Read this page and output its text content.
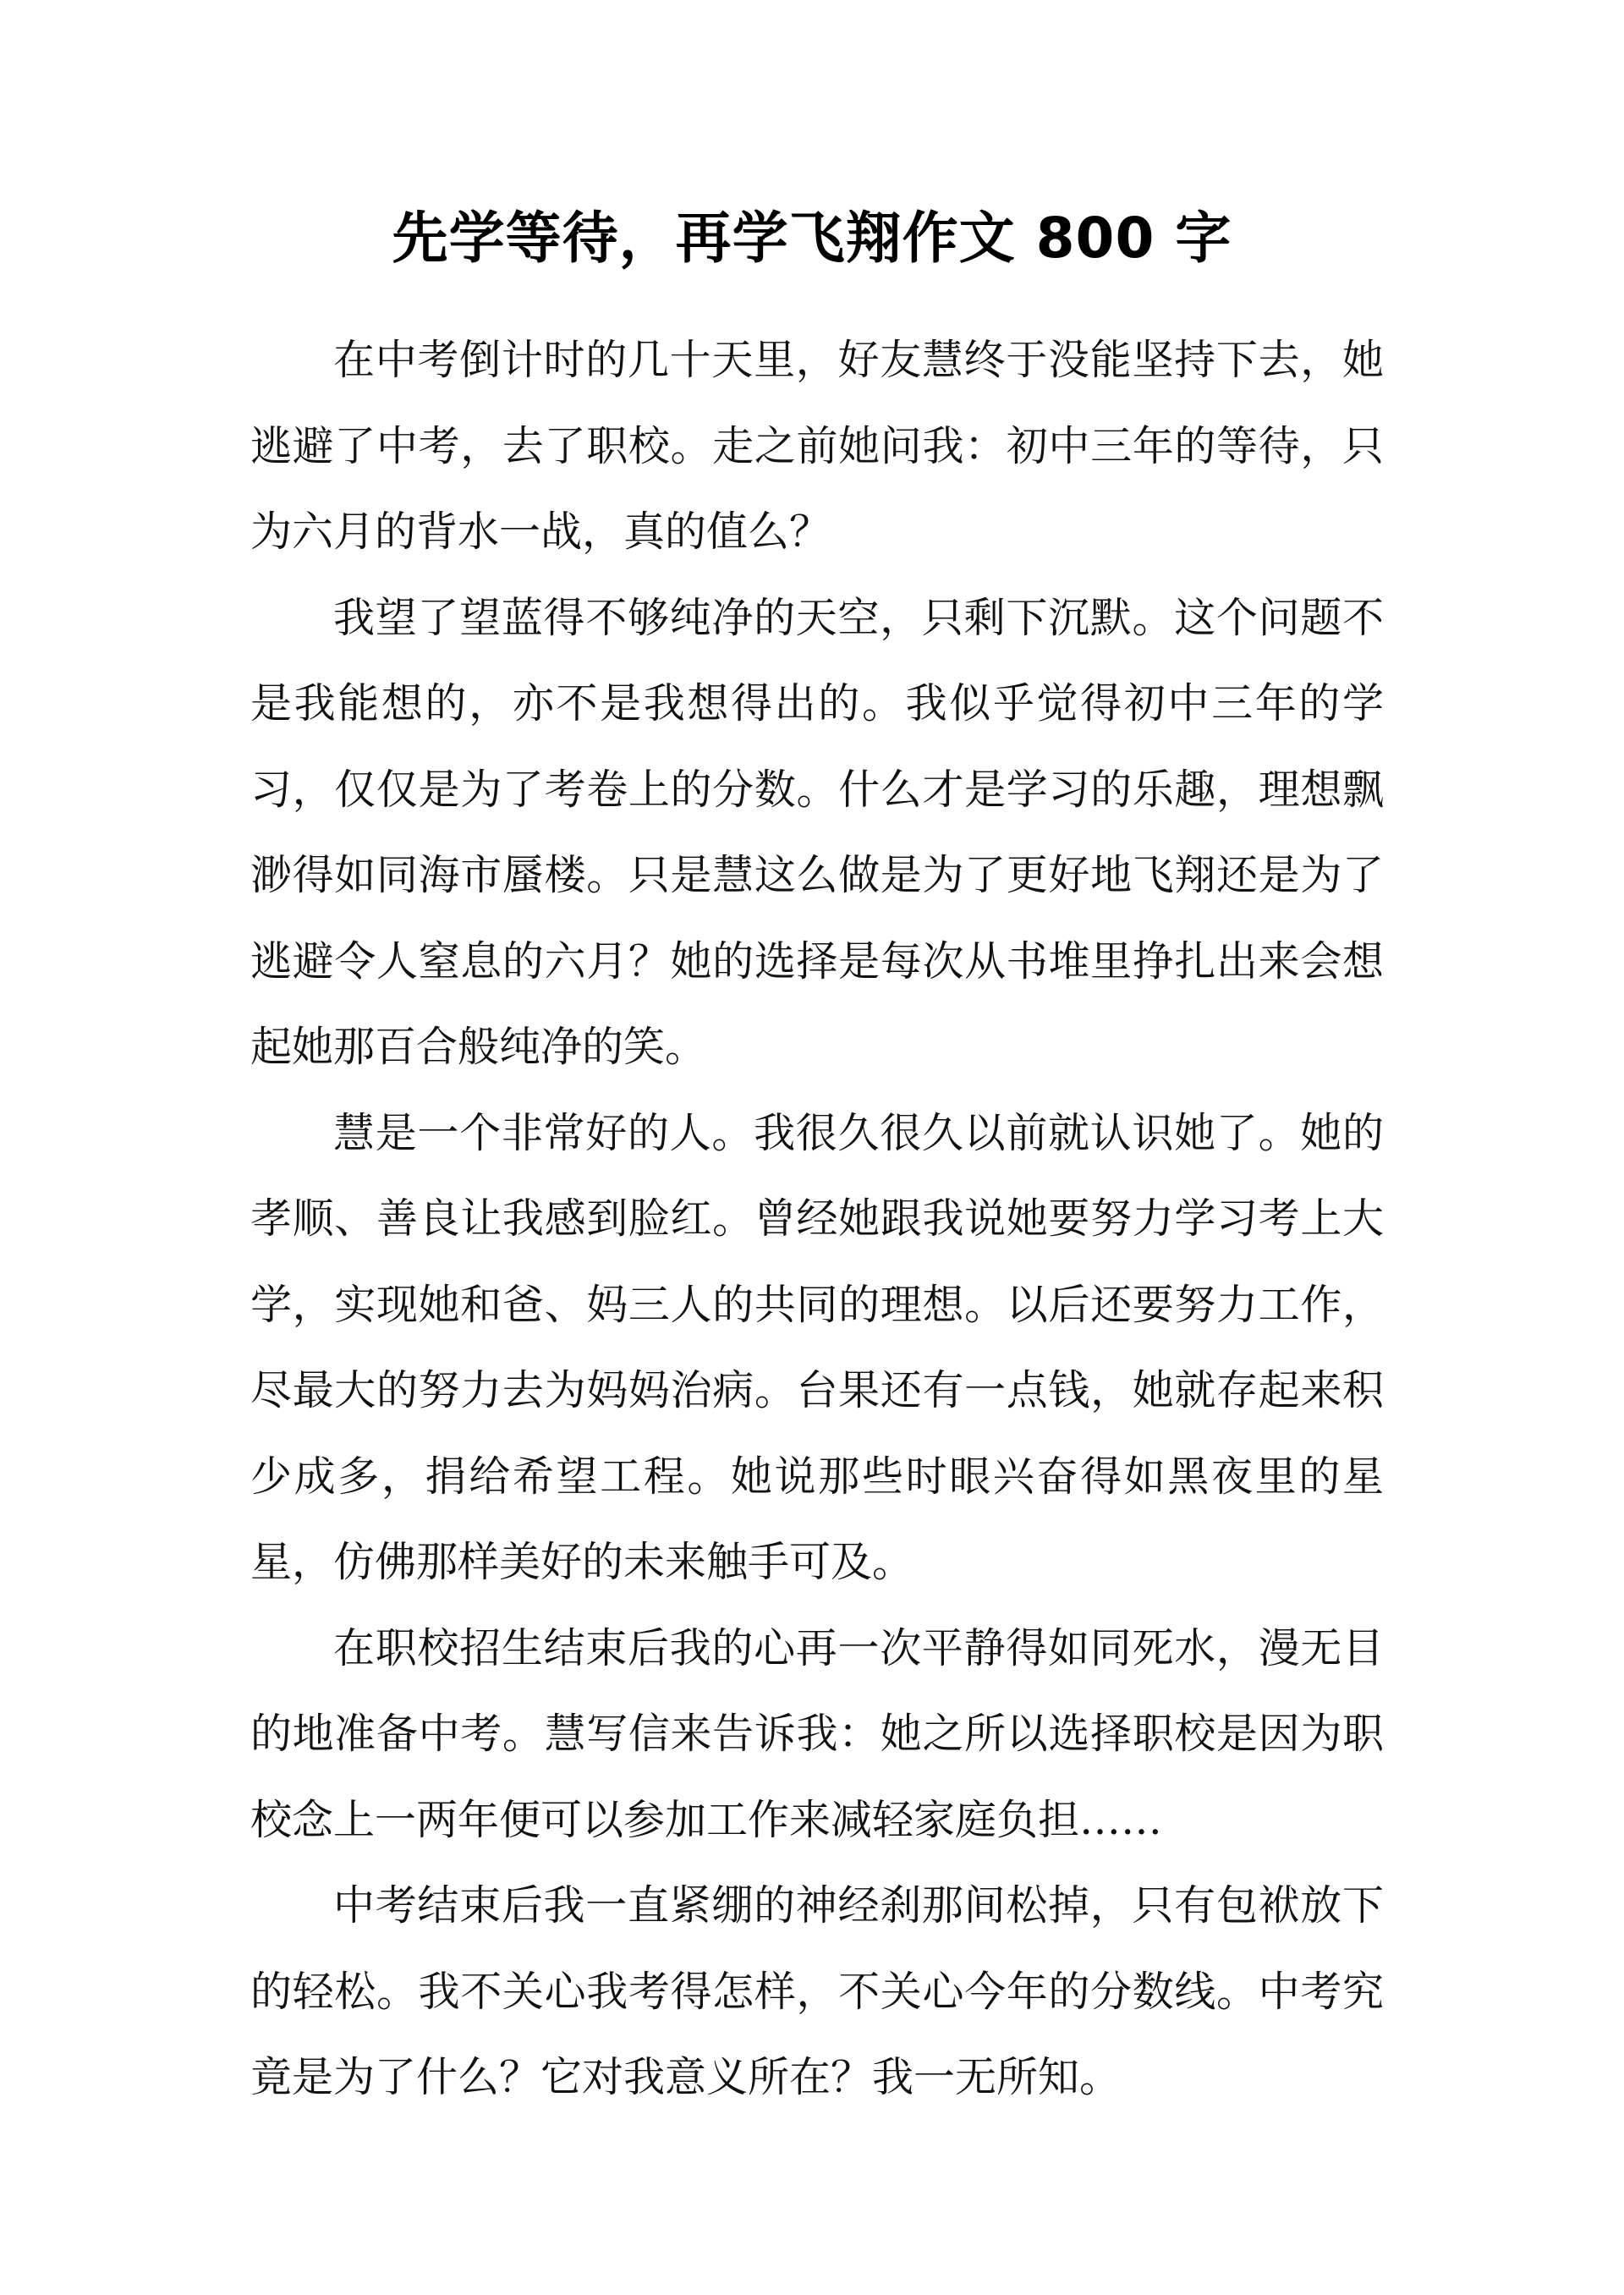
先学等待，再学飞翔作文 800 字

在中考倒计时的几十天里，好友慧终于没能坚持下去，她逃避了中考，去了职校。走之前她问我：初中三年的等待，只为六月的背水一战，真的值么？

我望了望蓝得不够纯净的天空，只剩下沉默。这个问题不是我能想的，亦不是我想得出的。我似乎觉得初中三年的学习，仅仅是为了考卷上的分数。什么才是学习的乐趣，理想飘渺得如同海市蜃楼。只是慧这么做是为了更好地飞翔还是为了逃避令人窒息的六月？她的选择是每次从书堆里挣扎出来会想起她那百合般纯净的笑。

慧是一个非常好的人。我很久很久以前就认识她了。她的孝顺、善良让我感到脸红。曾经她跟我说她要努力学习考上大学，实现她和爸、妈三人的共同的理想。以后还要努力工作，尽最大的努力去为妈妈治病。台果还有一点钱，她就存起来积少成多，捐给希望工程。她说那些时眼兴奋得如黑夜里的星星，仿佛那样美好的未来触手可及。

在职校招生结束后我的心再一次平静得如同死水，漫无目的地准备中考。慧写信来告诉我：她之所以选择职校是因为职校念上一两年便可以参加工作来减轻家庭负担……

中考结束后我一直紧绷的神经刹那间松掉，只有包袱放下的轻松。我不关心我考得怎样，不关心今年的分数线。中考究竟是为了什么？它对我意义所在？我一无所知。
